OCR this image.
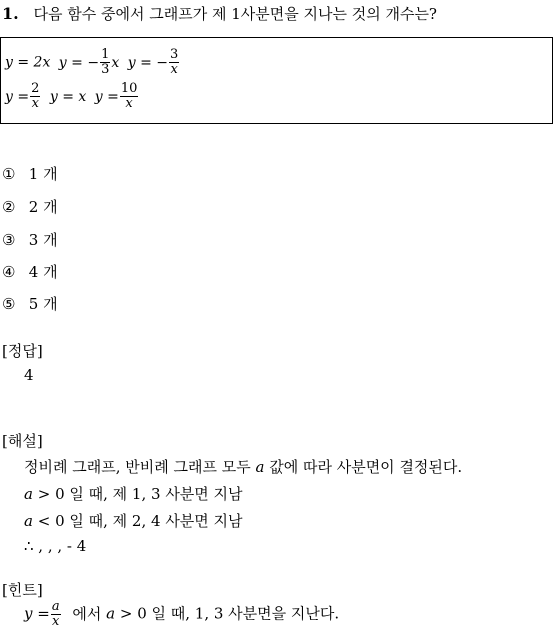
1. 다음 함수 중에서 그래프가 제 1사분면을 지나는 것의 개수는?
y = 2x y = − $\frac{1}{3}$ x y = − $\frac{3}{x}$
$y = \frac{2}{x}$ y = x $y = \frac{10}{x}$
① 1 개
② 2 개
③ 3 개
④ 4 개
⑤ 5 개
[정답]
4
[해설]
정비례 그래프, 반비례 그래프 모두 a 값에 따라 사분면이 결정된다.
a > 0 일 때, 제 1, 3 사분면 지남
a < 0 일 때, 제 2, 4 사분면 지남
∴ , , , - 4
[힌트]
$y = \frac{a}{x}$ 에서 a > 0 일 때, 1, 3 사분면을 지난다.
